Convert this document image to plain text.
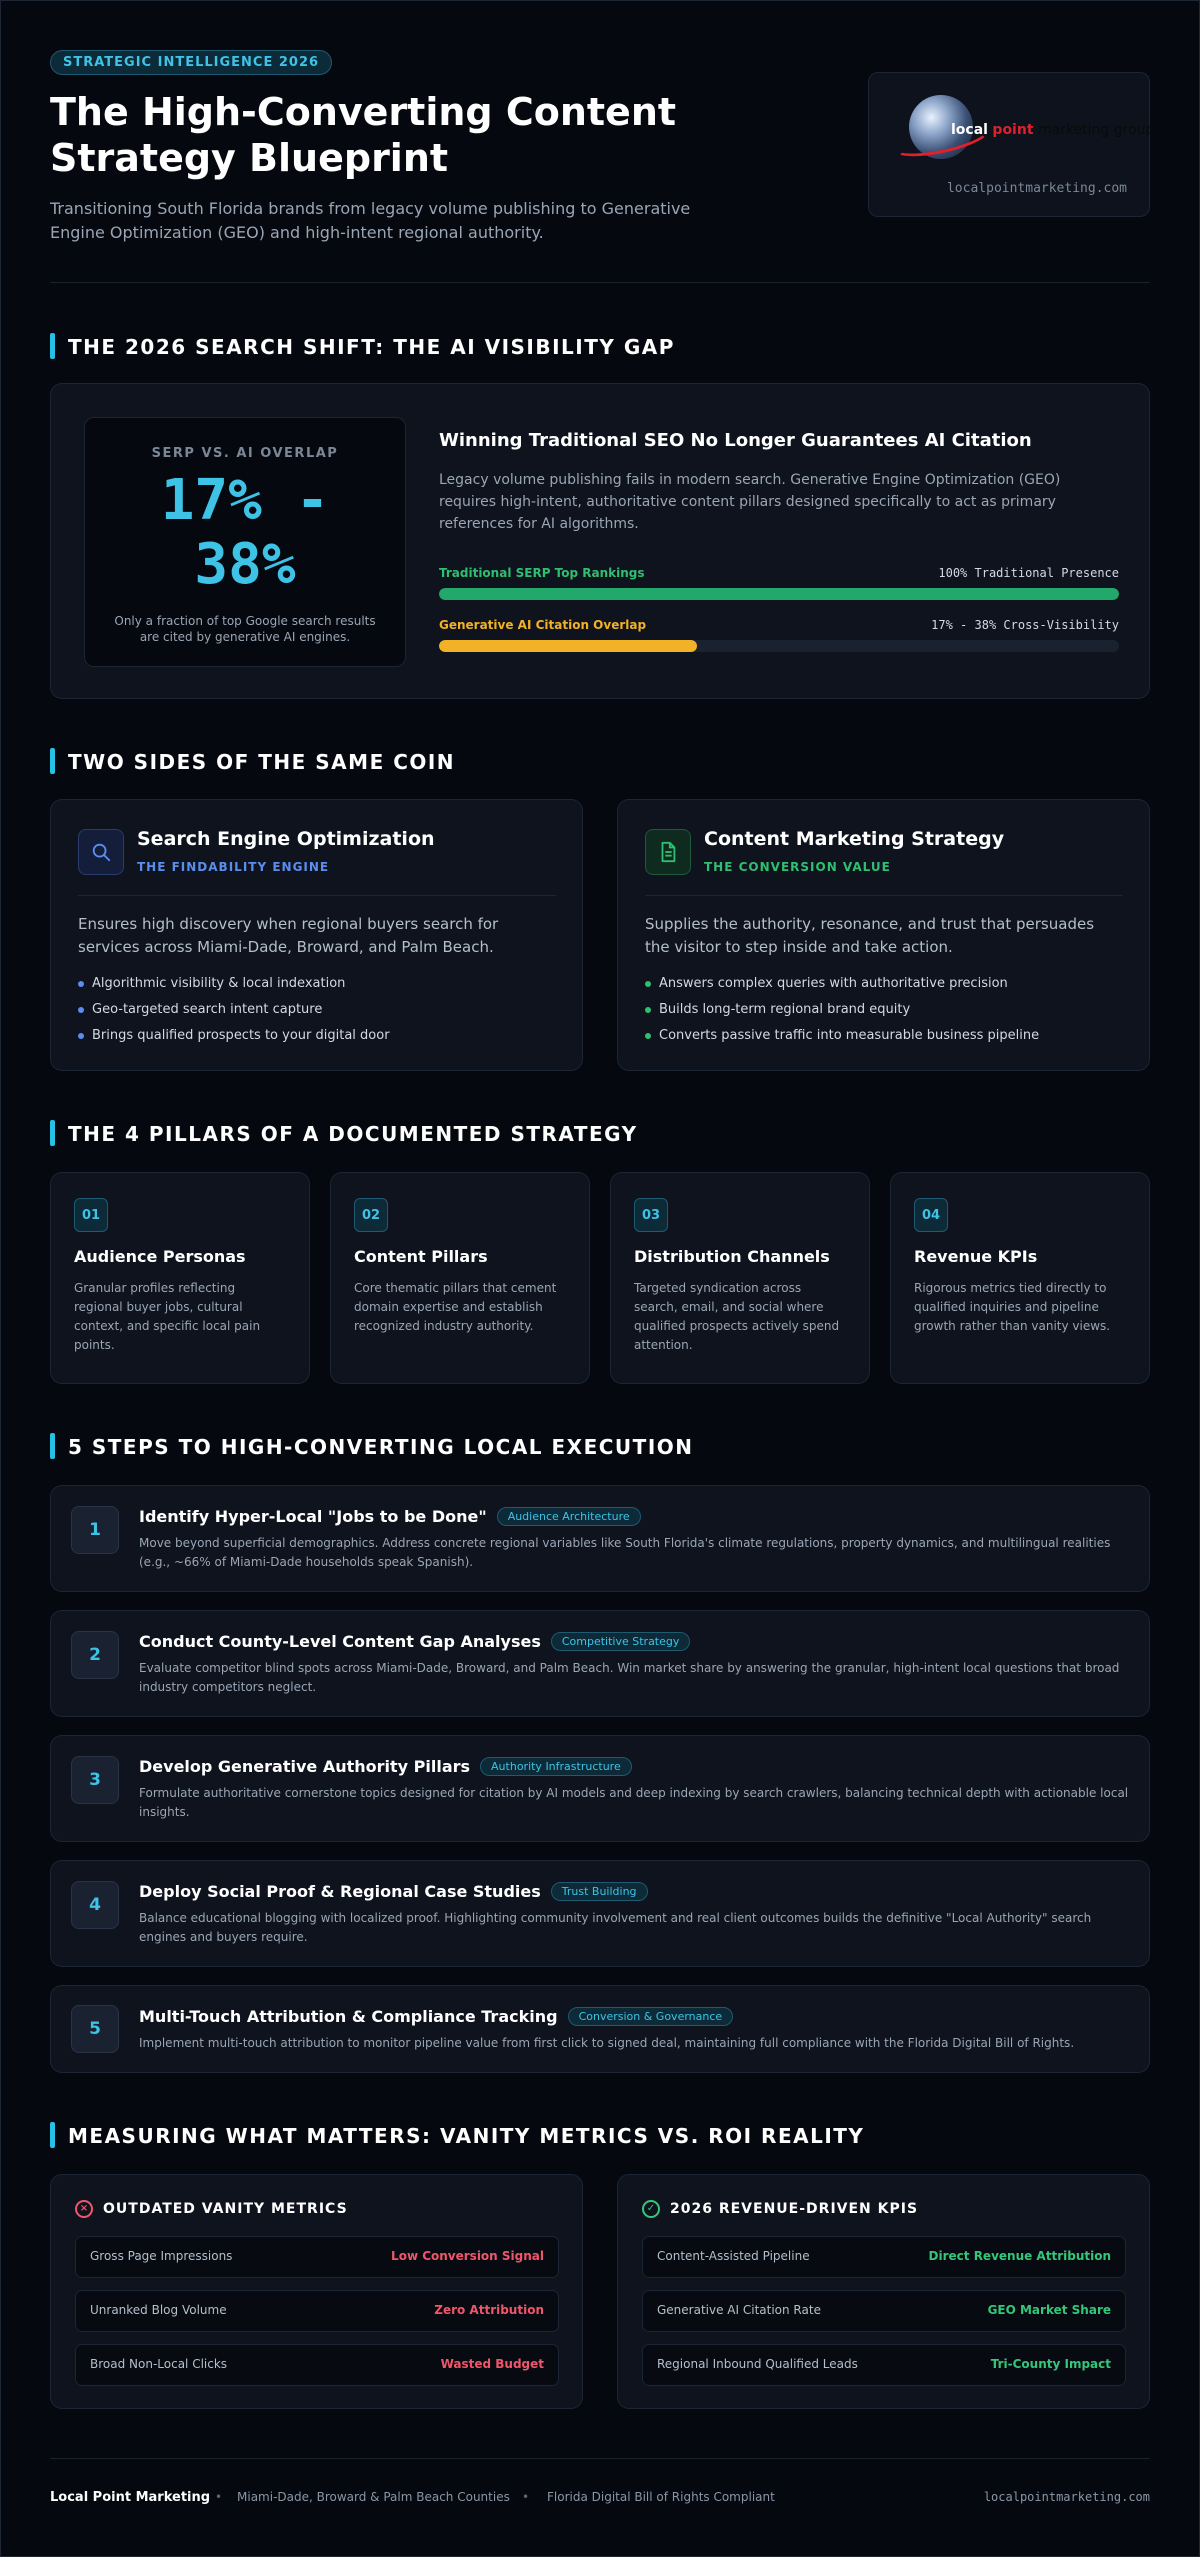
STRATEGIC INTELLIGENCE 2026
The High-Converting Content Strategy Blueprint

Transitioning South Florida brands from legacy volume publishing to Generative Engine Optimization (GEO) and high-intent regional authority.

local point marketing group
localpointmarketing.com
THE 2026 SEARCH SHIFT: THE AI VISIBILITY GAP
SERP VS. AI OVERLAP
17% - 38%
Only a fraction of top Google search results are cited by generative AI engines.
Winning Traditional SEO No Longer Guarantees AI Citation
Legacy volume publishing fails in modern search. Generative Engine Optimization (GEO) requires high-intent, authoritative content pillars designed specifically to act as primary references for AI algorithms.
Traditional SERP Top Rankings	100% Traditional Presence
Generative AI Citation Overlap	17% - 38% Cross-Visibility
TWO SIDES OF THE SAME COIN
Search Engine Optimization
THE FINDABILITY ENGINE
Ensures high discovery when regional buyers search for services across Miami-Dade, Broward, and Palm Beach.
Algorithmic visibility & local indexation
Geo-targeted search intent capture
Brings qualified prospects to your digital door
Content Marketing Strategy
THE CONVERSION VALUE
Supplies the authority, resonance, and trust that persuades the visitor to step inside and take action.
Answers complex queries with authoritative precision
Builds long-term regional brand equity
Converts passive traffic into measurable business pipeline
THE 4 PILLARS OF A DOCUMENTED STRATEGY
01
Audience Personas
Granular profiles reflecting regional buyer jobs, cultural context, and specific local pain points.
02
Content Pillars
Core thematic pillars that cement domain expertise and establish recognized industry authority.
03
Distribution Channels
Targeted syndication across search, email, and social where qualified prospects actively spend attention.
04
Revenue KPIs
Rigorous metrics tied directly to qualified inquiries and pipeline growth rather than vanity views.
5 STEPS TO HIGH-CONVERTING LOCAL EXECUTION
1
Identify Hyper-Local "Jobs to be Done" Audience Architecture
Move beyond superficial demographics. Address concrete regional variables like South Florida's climate regulations, property dynamics, and multilingual realities (e.g., ~66% of Miami-Dade households speak Spanish).
2
Conduct County-Level Content Gap Analyses Competitive Strategy
Evaluate competitor blind spots across Miami-Dade, Broward, and Palm Beach. Win market share by answering the granular, high-intent local questions that broad industry competitors neglect.
3
Develop Generative Authority Pillars Authority Infrastructure
Formulate authoritative cornerstone topics designed for citation by AI models and deep indexing by search crawlers, balancing technical depth with actionable local insights.
4
Deploy Social Proof & Regional Case Studies Trust Building
Balance educational blogging with localized proof. Highlighting community involvement and real client outcomes builds the definitive "Local Authority" search engines and buyers require.
5
Multi-Touch Attribution & Compliance Tracking Conversion & Governance
Implement multi-touch attribution to monitor pipeline value from first click to signed deal, maintaining full compliance with the Florida Digital Bill of Rights.
MEASURING WHAT MATTERS: VANITY METRICS VS. ROI REALITY
×	OUTDATED VANITY METRICS
Gross Page Impressions	Low Conversion Signal
Unranked Blog Volume	Zero Attribution
Broad Non-Local Clicks	Wasted Budget
✓	2026 REVENUE-DRIVEN KPIS
Content-Assisted Pipeline	Direct Revenue Attribution
Generative AI Citation Rate	GEO Market Share
Regional Inbound Qualified Leads	Tri-County Impact
Local Point Marketing • Miami-Dade, Broward & Palm Beach Counties • Florida Digital Bill of Rights Compliant	localpointmarketing.com
